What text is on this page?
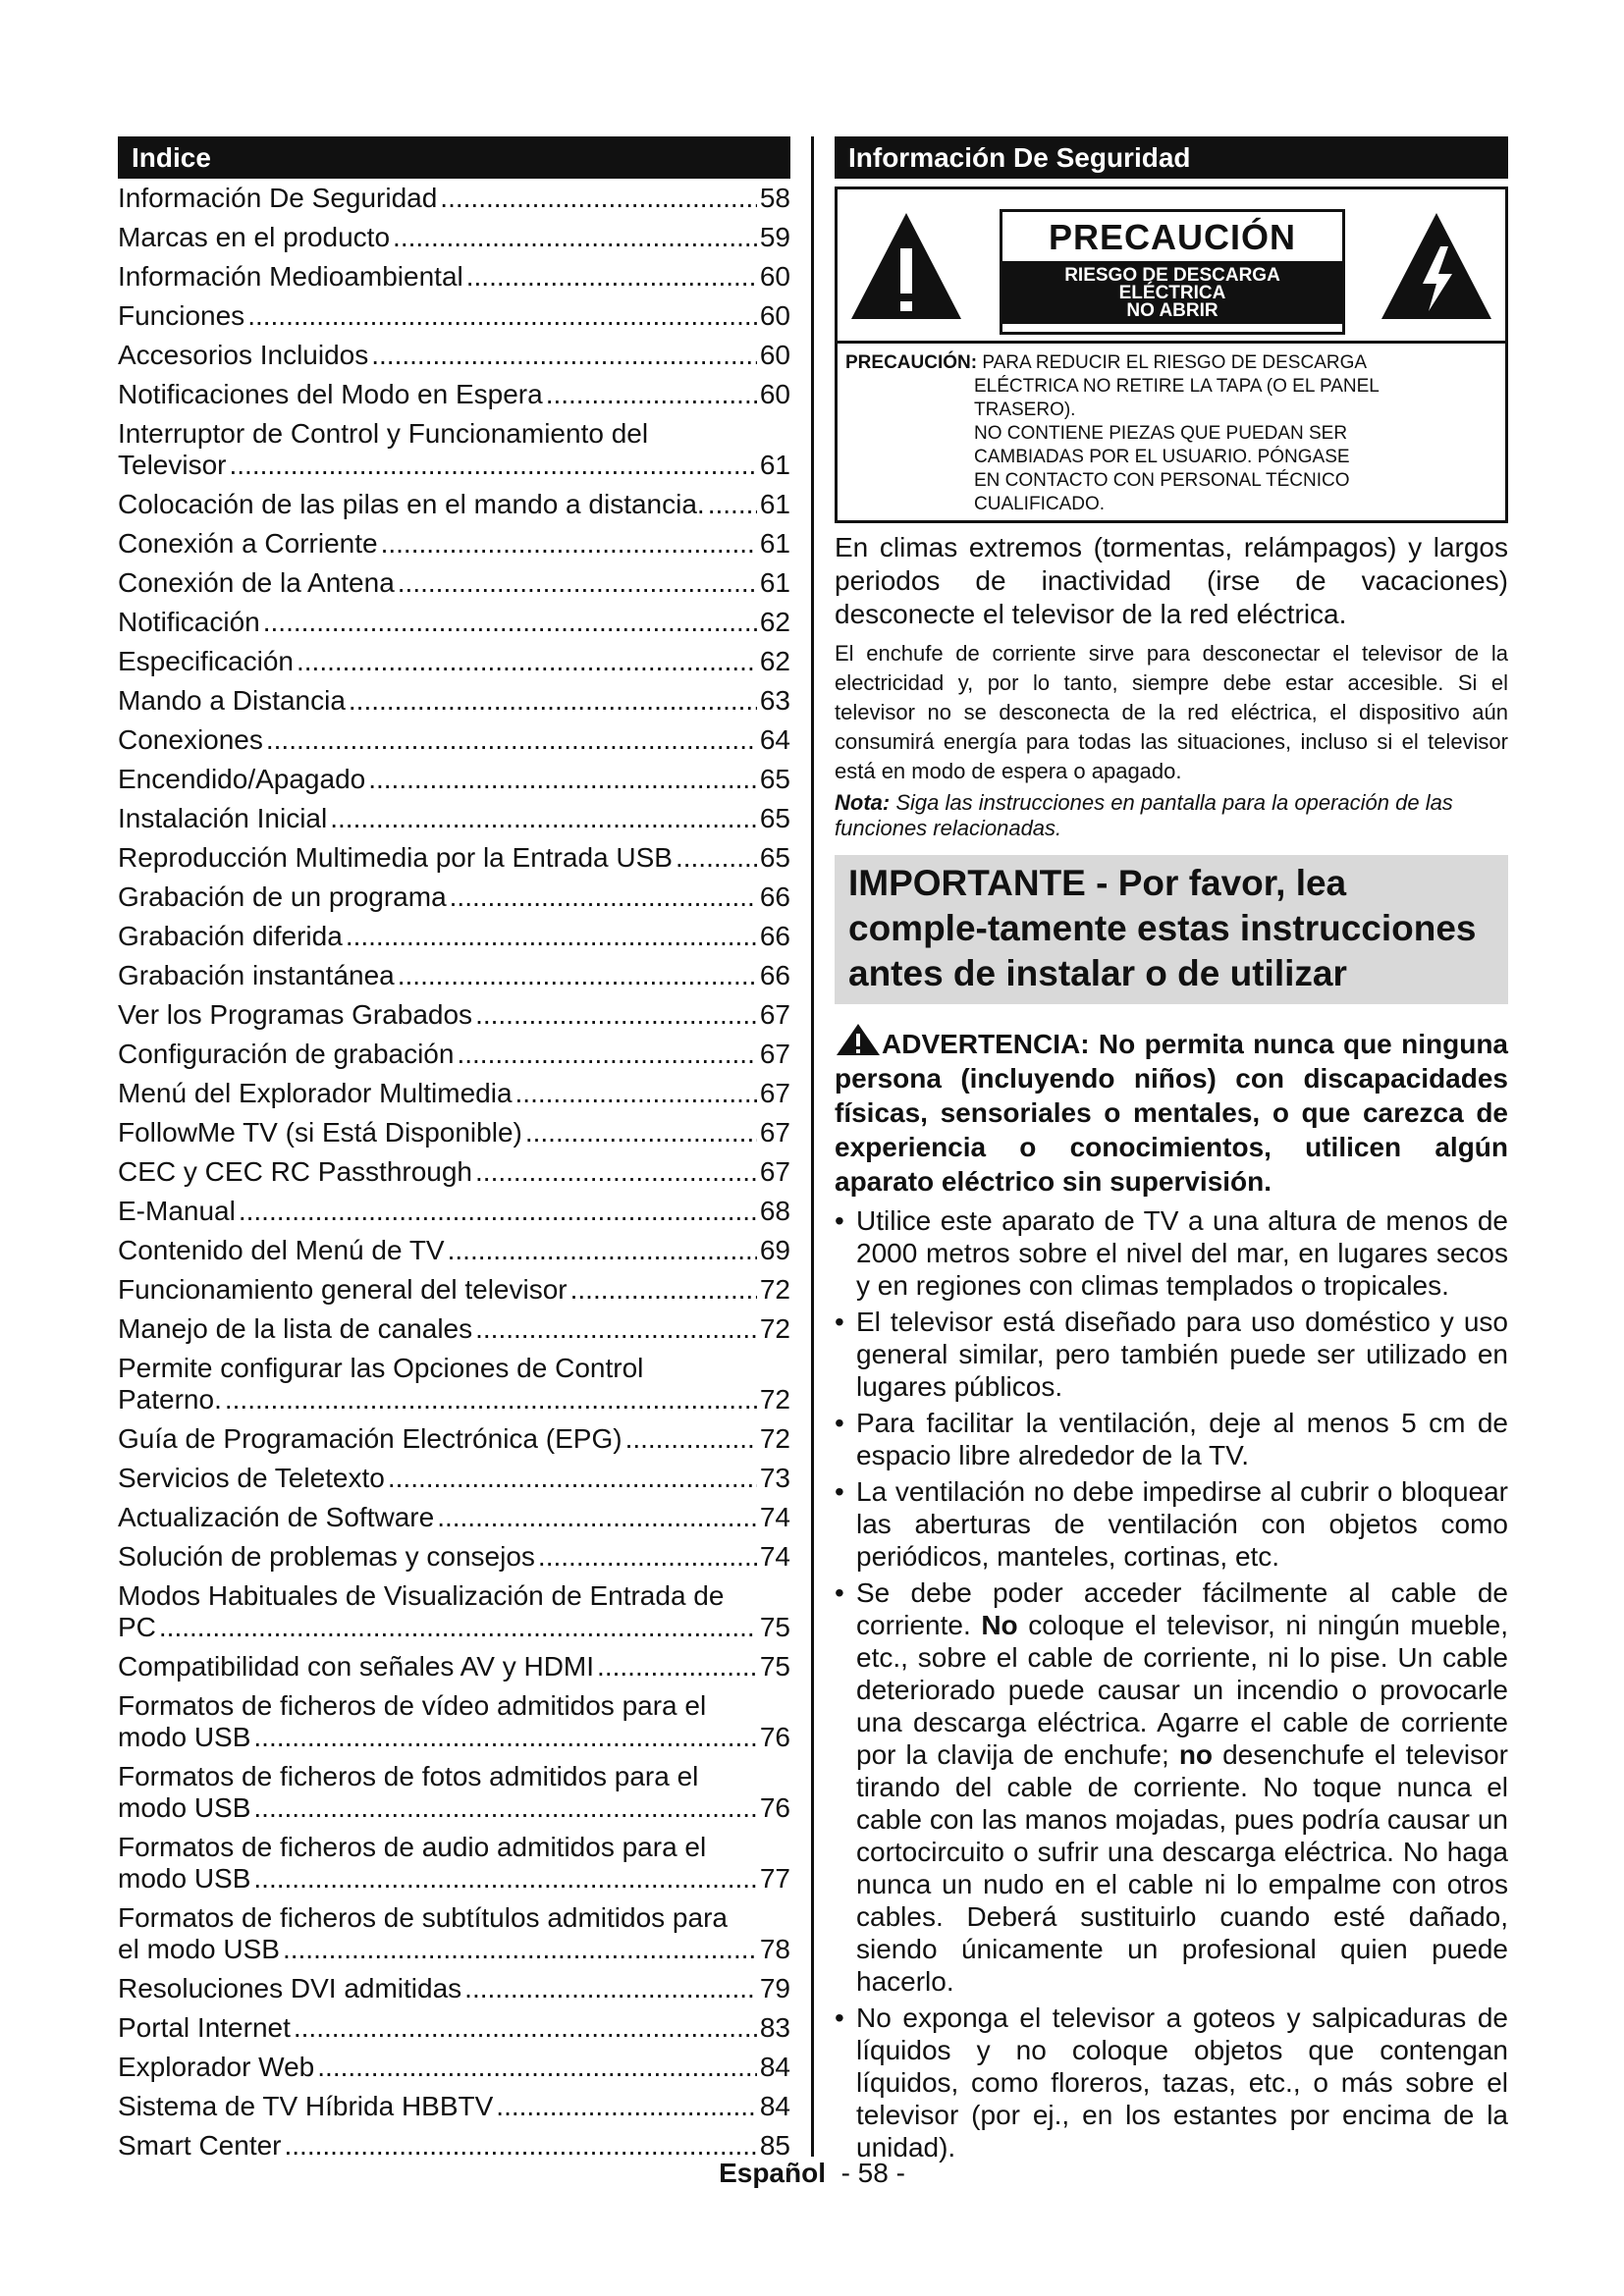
Indice
Información De Seguridad .....	58
Marcas en el producto .....	59
Información Medioambiental .....	60
Funciones .....	60
Accesorios Incluidos .....	60
Notificaciones del Modo en Espera .....	60
Interruptor de Control y Funcionamiento del
Televisor .....	61
Colocación de las pilas en el mando a distancia. ..... 61
Conexión a Corriente .....	61
Conexión de la Antena .....	61
Notificación .....	62
Especificación .....	62
Mando a Distancia .....	63
Conexiones .....	64
Encendido/Apagado .....	65
Instalación Inicial .....	65
Reproducción Multimedia por la Entrada USB .....	65
Grabación de un programa .....	66
Grabación diferida .....	66
Grabación instantánea .....	66
Ver los Programas Grabados .....	67
Configuración de grabación .....	67
Menú del Explorador Multimedia .....	67
FollowMe TV (si Está Disponible) .....	67
CEC y CEC RC Passthrough .....	67
E-Manual .....	68
Contenido del Menú de TV .....	69
Funcionamiento general del televisor .....	72
Manejo de la lista de canales .....	72
Permite configurar las Opciones de Control
Paterno. .....	72
Guía de Programación Electrónica (EPG) .....	72
Servicios de Teletexto .....	73
Actualización de Software .....	74
Solución de problemas y consejos .....	74
Modos Habituales de Visualización de Entrada de
PC .....	75
Compatibilidad con señales AV y HDMI .....	75
Formatos de ficheros de vídeo admitidos para el
modo USB .....	76
Formatos de ficheros de fotos admitidos para el
modo USB .....	76
Formatos de ficheros de audio admitidos para el
modo USB .....	77
Formatos de ficheros de subtítulos admitidos para
el modo USB .....	78
Resoluciones DVI admitidas .....	79
Portal Internet .....	83
Explorador Web .....	84
Sistema de TV Híbrida HBBTV .....	84
Smart Center .....	85
Información De Seguridad
PRECAUCIÓN
RIESGO DE DESCARGA
ELÉCTRICA
NO ABRIR
PRECAUCIÓN: PARA REDUCIR EL RIESGO DE DESCARGA
ELÉCTRICA NO RETIRE LA TAPA (O EL PANEL
TRASERO).
NO CONTIENE PIEZAS QUE PUEDAN SER
CAMBIADAS POR EL USUARIO. PÓNGASE
EN CONTACTO CON PERSONAL TÉCNICO
CUALIFICADO.

En climas extremos (tormentas, relámpagos) y largos periodos de inactividad (irse de vacaciones) desconecte el televisor de la red eléctrica.

El enchufe de corriente sirve para desconectar el televisor de la electricidad y, por lo tanto, siempre debe estar accesible. Si el televisor no se desconecta de la red eléctrica, el dispositivo aún consumirá energía para todas las situaciones, incluso si el televisor está en modo de espera o apagado.

Nota: Siga las instrucciones en pantalla para la operación de las funciones relacionadas.

IMPORTANTE - Por favor, lea comple-tamente estas instrucciones antes de instalar o de utilizar
ADVERTENCIA: No permita nunca que ninguna persona (incluyendo niños) con discapacidades físicas, sensoriales o mentales, o que carezca de experiencia o conocimientos, utilicen algún aparato eléctrico sin supervisión.
• Utilice este aparato de TV a una altura de menos de 2000 metros sobre el nivel del mar, en lugares secos y en regiones con climas templados o tropicales.
• El televisor está diseñado para uso doméstico y uso general similar, pero también puede ser utilizado en lugares públicos.
• Para facilitar la ventilación, deje al menos 5 cm de espacio libre alrededor de la TV.
• La ventilación no debe impedirse al cubrir o bloquear las aberturas de ventilación con objetos como periódicos, manteles, cortinas, etc.
• Se debe poder acceder fácilmente al cable de corriente. No coloque el televisor, ni ningún mueble, etc., sobre el cable de corriente, ni lo pise. Un cable deteriorado puede causar un incendio o provocarle una descarga eléctrica. Agarre el cable de corriente por la clavija de enchufe; no desenchufe el televisor tirando del cable de corriente. No toque nunca el cable con las manos mojadas, pues podría causar un cortocircuito o sufrir una descarga eléctrica. No haga nunca un nudo en el cable ni lo empalme con otros cables. Deberá sustituirlo cuando esté dañado, siendo únicamente un profesional quien puede hacerlo.
• No exponga el televisor a goteos y salpicaduras de líquidos y no coloque objetos que contengan líquidos, como floreros, tazas, etc., o más sobre el televisor (por ej., en los estantes por encima de la unidad).
Español - 58 -
